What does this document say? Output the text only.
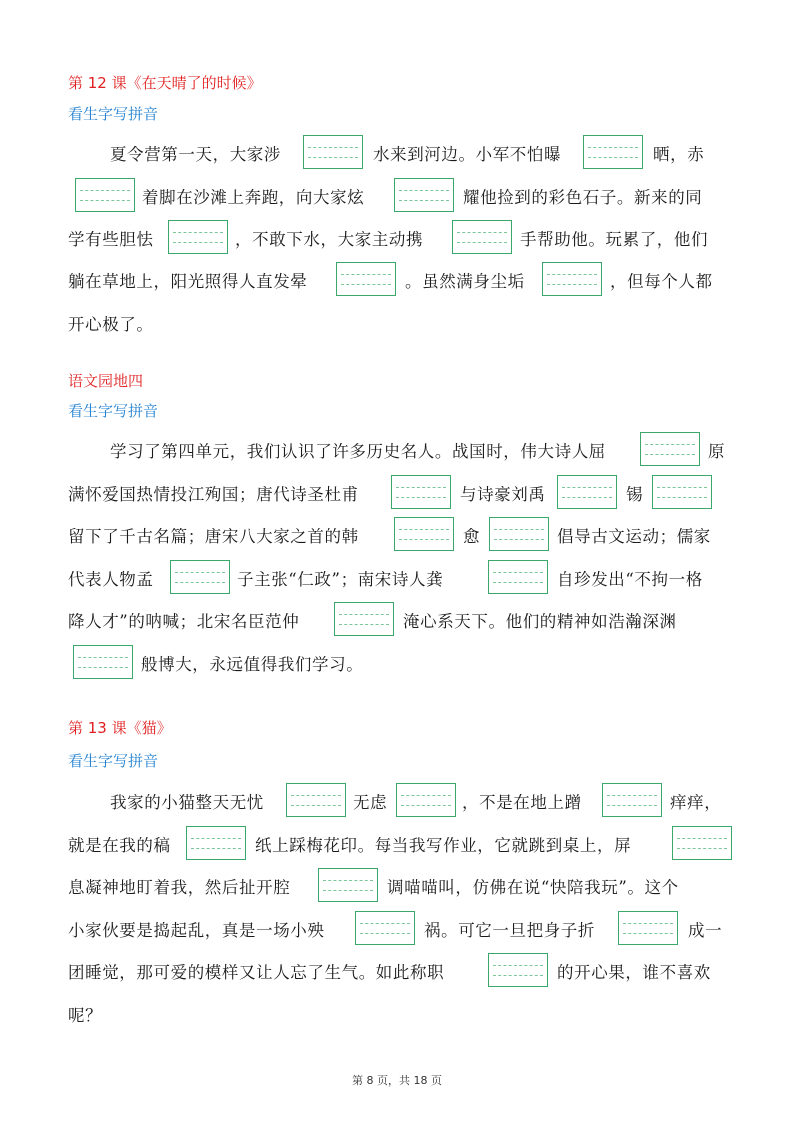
第 12 课《在天晴了的时候》
看生字写拼音
夏令营第一天，大家涉	水来到河边。小军不怕曝	晒，赤
着脚在沙滩上奔跑，向大家炫	耀他捡到的彩色石子。新来的同
学有些胆怯	，不敢下水，大家主动携	手帮助他。玩累了，他们
躺在草地上，阳光照得人直发晕	。虽然满身尘垢	，但每个人都
开心极了。
语文园地四
看生字写拼音
学习了第四单元，我们认识了许多历史名人。战国时，伟大诗人屈	原
满怀爱国热情投江殉国；唐代诗圣杜甫	与诗豪刘禹	锡
留下了千古名篇；唐宋八大家之首的韩	愈	倡导古文运动；儒家
代表人物孟	子主张“仁政”；南宋诗人龚	自珍发出“不拘一格
降人才”的呐喊；北宋名臣范仲	淹心系天下。他们的精神如浩瀚深渊
般博大，永远值得我们学习。
第 13 课《猫》
看生字写拼音
我家的小猫整天无忧	无虑	，不是在地上蹭	痒痒，
就是在我的稿	纸上踩梅花印。每当我写作业，它就跳到桌上，屏
息凝神地盯着我，然后扯开腔	调喵喵叫，仿佛在说“快陪我玩”。这个
小家伙要是捣起乱，真是一场小殃	祸。可它一旦把身子折	成一
团睡觉，那可爱的模样又让人忘了生气。如此称职	的开心果，谁不喜欢
呢？
第 8 页，共 18 页
